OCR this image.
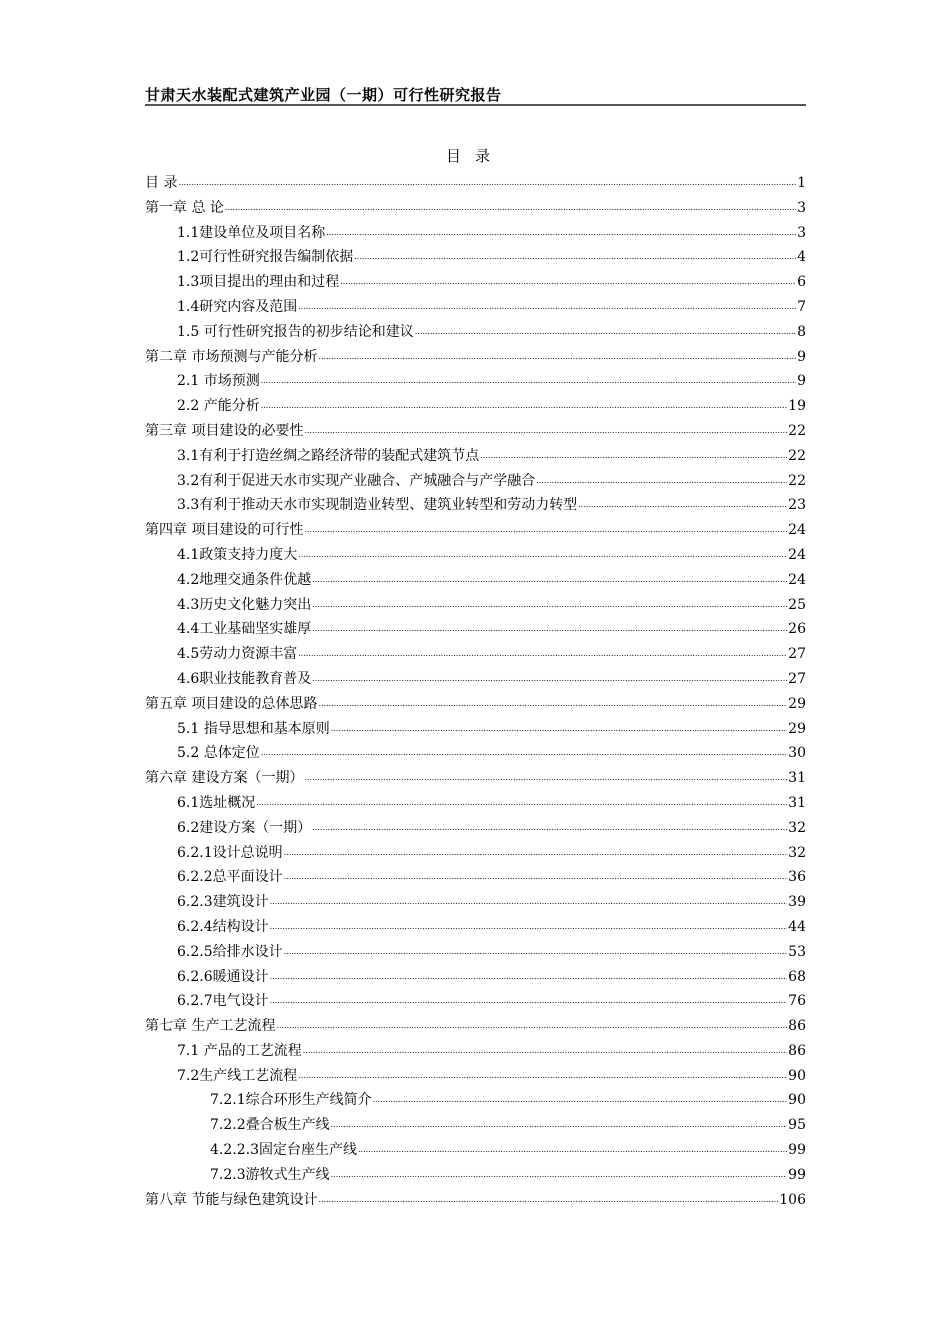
甘肃天水装配式建筑产业园（一期）可行性研究报告
目录
目 录 .....	1
第一章 总 论 .....	3
1.1建设单位及项目名称 .....	3
1.2可行性研究报告编制依据 .....	4
1.3项目提出的理由和过程 .....	6
1.4研究内容及范围 .....	7
1.5 可行性研究报告的初步结论和建议 .....	8
第二章 市场预测与产能分析 .....	9
2.1 市场预测 .....	9
2.2 产能分析 .....	19
第三章 项目建设的必要性 .....	22
3.1有利于打造丝绸之路经济带的装配式建筑节点 .....	22
3.2有利于促进天水市实现产业融合、产城融合与产学融合 .....	22
3.3有利于推动天水市实现制造业转型、建筑业转型和劳动力转型 .....	23
第四章 项目建设的可行性 .....	24
4.1政策支持力度大 .....	24
4.2地理交通条件优越 .....	24
4.3历史文化魅力突出 .....	25
4.4工业基础坚实雄厚 .....	26
4.5劳动力资源丰富 .....	27
4.6职业技能教育普及 .....	27
第五章 项目建设的总体思路 .....	29
5.1 指导思想和基本原则 .....	29
5.2 总体定位 .....	30
第六章 建设方案（一期） .....	31
6.1选址概况 .....	31
6.2建设方案（一期） .....	32
6.2.1设计总说明 .....	32
6.2.2总平面设计 .....	36
6.2.3建筑设计 .....	39
6.2.4结构设计 .....	44
6.2.5给排水设计 .....	53
6.2.6暖通设计 .....	68
6.2.7电气设计 .....	76
第七章 生产工艺流程 .....	86
7.1 产品的工艺流程 .....	86
7.2生产线工艺流程 .....	90
7.2.1综合环形生产线简介 .....	90
7.2.2叠合板生产线 .....	95
4.2.2.3固定台座生产线 .....	99
7.2.3游牧式生产线 .....	99
第八章 节能与绿色建筑设计 .....	106
